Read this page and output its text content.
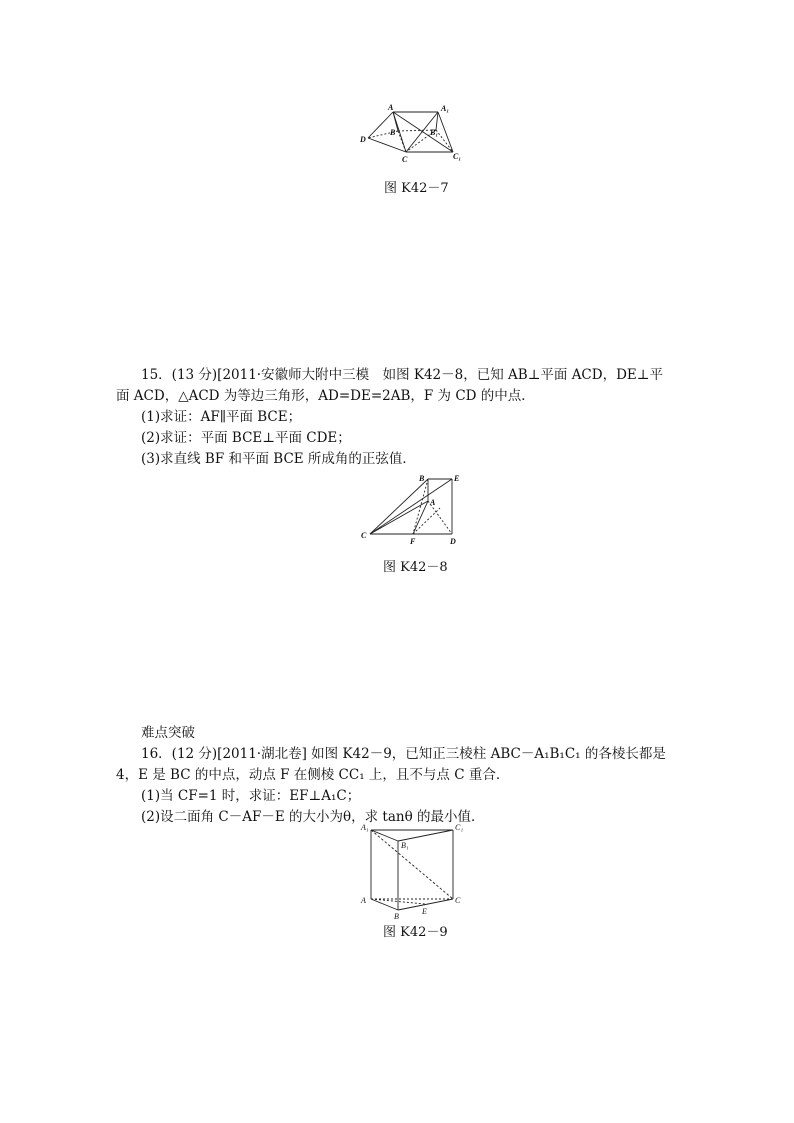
A	A₁
B	B₁
D
C	C₁
图 K42－7
15．(13 分)[2011·安徽师大附中三模　如图 K42－8，已知 AB⊥平面 ACD，DE⊥平
面 ACD，△ACD 为等边三角形，AD=DE=2AB，F 为 CD 的中点．
(1)求证：AF∥平面 BCE；
(2)求证：平面 BCE⊥平面 CDE；
(3)求直线 BF 和平面 BCE 所成角的正弦值．
B	E
A
C
F	D
图 K42－8
难点突破
16．(12 分)[2011·湖北卷] 如图 K42－9，已知正三棱柱 ABC－A₁B₁C₁ 的各棱长都是
4，E 是 BC 的中点，动点 F 在侧棱 CC₁ 上，且不与点 C 重合．
(1)当 CF=1 时，求证：EF⊥A₁C；
(2)设二面角 C－AF－E 的大小为θ，求 tanθ 的最小值．
A₁	C₁
B₁
A
B
E
C
图 K42－9
